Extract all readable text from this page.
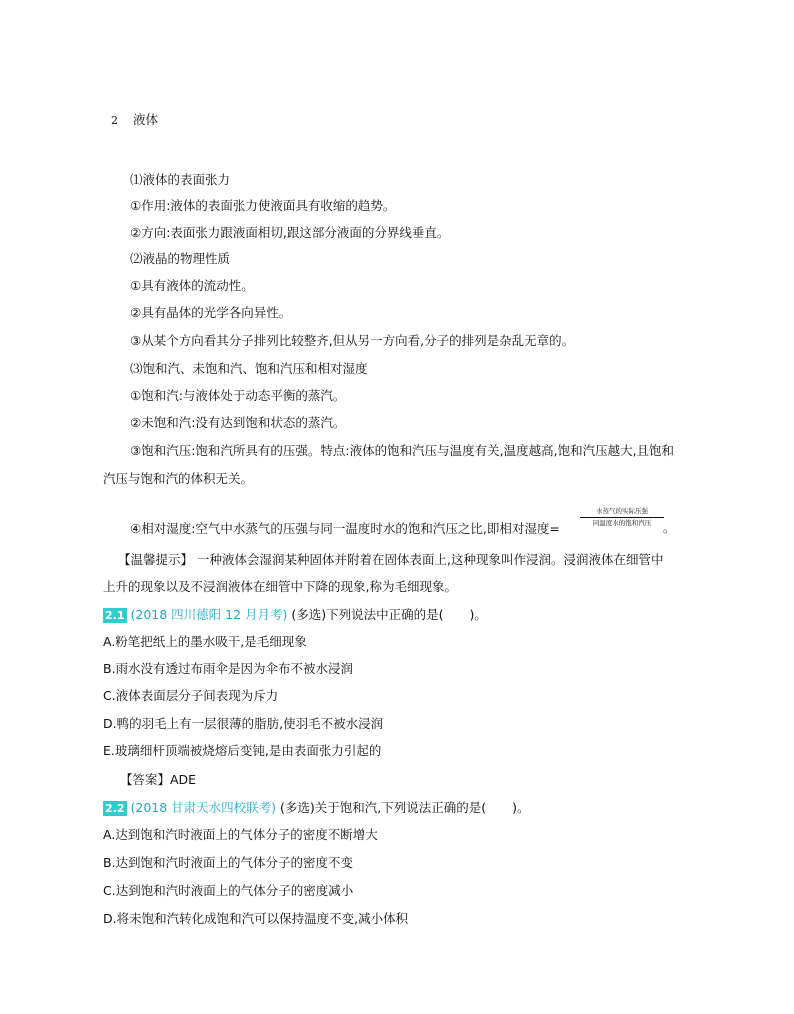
2 液体
⑴液体的表面张力
①作用:液体的表面张力使液面具有收缩的趋势。
②方向:表面张力跟液面相切,跟这部分液面的分界线垂直。
⑵液晶的物理性质
①具有液体的流动性。
②具有晶体的光学各向异性。
③从某个方向看其分子排列比较整齐,但从另一方向看,分子的排列是杂乱无章的。
⑶饱和汽、未饱和汽、饱和汽压和相对湿度
①饱和汽:与液体处于动态平衡的蒸汽。
②未饱和汽:没有达到饱和状态的蒸汽。
③饱和汽压:饱和汽所具有的压强。特点:液体的饱和汽压与温度有关,温度越高,饱和汽压越大,且饱和
汽压与饱和汽的体积无关。
④相对湿度:空气中水蒸气的压强与同一温度时水的饱和汽压之比,即相对湿度=
水蒸气的实际压强
同温度水的饱和汽压 。
【温馨提示】 一种液体会湿润某种固体并附着在固体表面上,这种现象叫作浸润。浸润液体在细管中
上升的现象以及不浸润液体在细管中下降的现象,称为毛细现象。
2.1 (2018 四川德阳 12 月月考) (多选)下列说法中正确的是( )。
A.粉笔把纸上的墨水吸干,是毛细现象
B.雨水没有透过布雨伞是因为伞布不被水浸润
C.液体表面层分子间表现为斥力
D.鸭的羽毛上有一层很薄的脂肪,使羽毛不被水浸润
E.玻璃细杆顶端被烧熔后变钝,是由表面张力引起的
【答案】ADE
2.2 (2018 甘肃天水四校联考) (多选)关于饱和汽,下列说法正确的是( )。
A.达到饱和汽时液面上的气体分子的密度不断增大
B.达到饱和汽时液面上的气体分子的密度不变
C.达到饱和汽时液面上的气体分子的密度减小
D.将未饱和汽转化成饱和汽可以保持温度不变,减小体积
